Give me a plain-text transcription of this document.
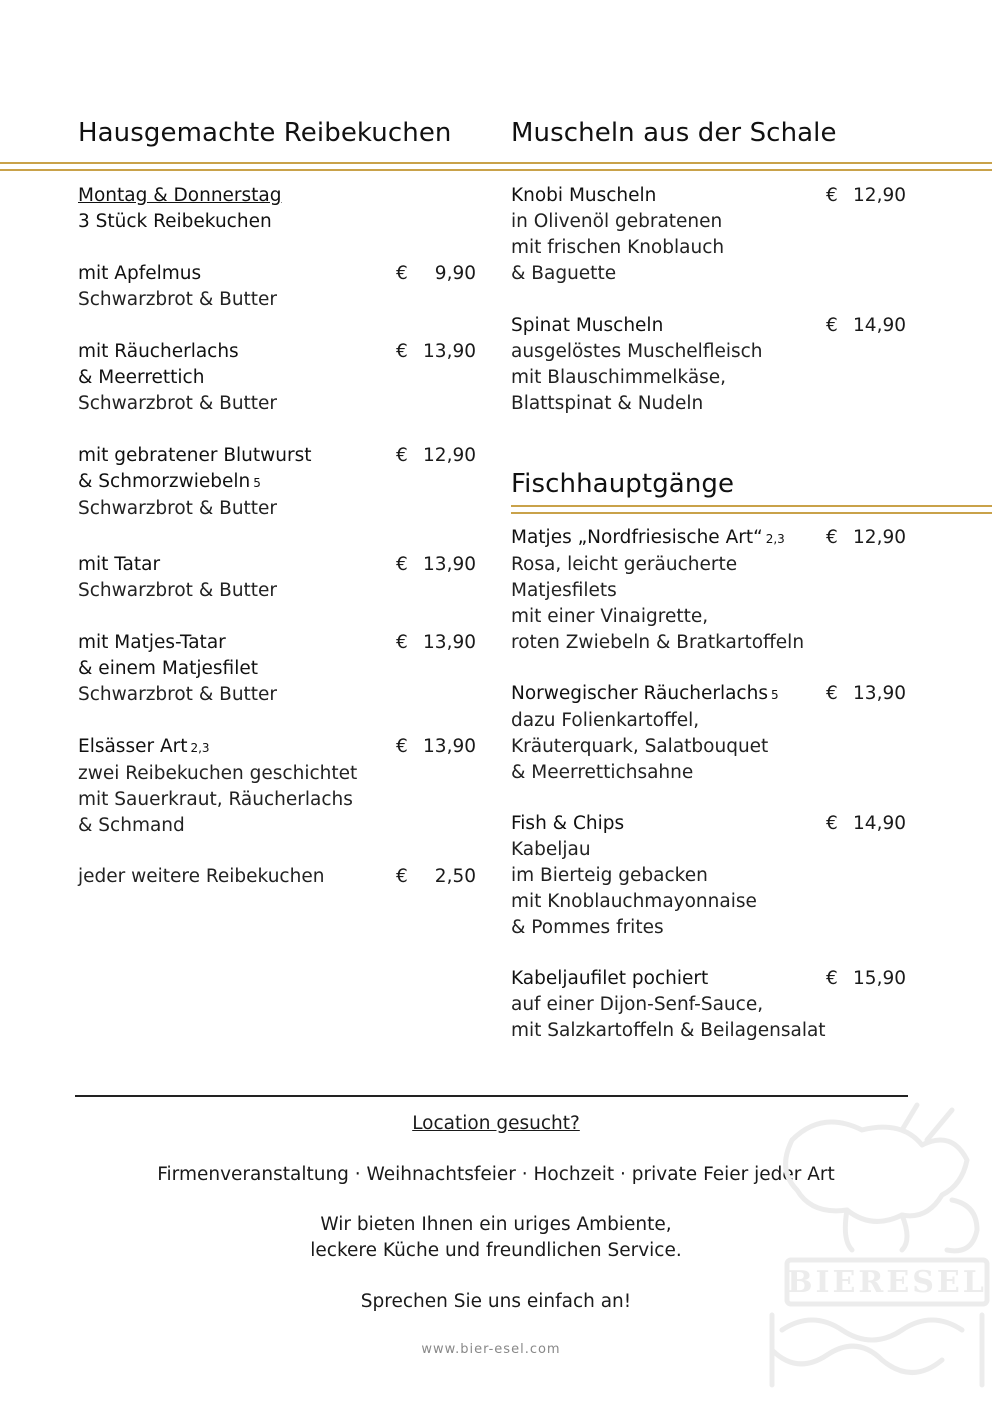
Hausgemachte Reibekuchen Muscheln aus der Schale
Fischhauptgänge
Montag & Donnerstag
3 Stück Reibekuchen
mit Apfelmus
Schwarzbrot & Butter
€ 9,90
mit Räucherlachs
& Meerrettich
Schwarzbrot & Butter
€ 13,90
mit gebratener Blutwurst
& Schmorzwiebeln 5
Schwarzbrot & Butter
€ 12,90
mit Tatar
Schwarzbrot & Butter
€ 13,90
mit Matjes-Tatar
& einem Matjesfilet
Schwarzbrot & Butter
€ 13,90
Elsässer Art 2,3
zwei Reibekuchen geschichtet
mit Sauerkraut, Räucherlachs
& Schmand
€ 13,90
jeder weitere Reibekuchen	€ 2,50
Knobi Muscheln
in Olivenöl gebratenen
mit frischen Knoblauch
& Baguette
€ 12,90
Spinat Muscheln
ausgelöstes Muschelfleisch
mit Blauschimmelkäse,
Blattspinat & Nudeln
€ 14,90
Matjes „Nordfriesische Art“ 2,3
Rosa, leicht geräucherte
Matjesfilets
mit einer Vinaigrette,
roten Zwiebeln & Bratkartoffeln
€ 12,90
Norwegischer Räucherlachs 5
dazu Folienkartoffel,
Kräuterquark, Salatbouquet
& Meerrettichsahne
€ 13,90
Fish & Chips
Kabeljau
im Bierteig gebacken
mit Knoblauchmayonnaise
& Pommes frites
€ 14,90
Kabeljaufilet pochiert
auf einer Dijon-Senf-Sauce,
mit Salzkartoffeln & Beilagensalat
€ 15,90
Location gesucht?
Firmenveranstaltung · Weihnachtsfeier · Hochzeit · private Feier jeder Art
Wir bieten Ihnen ein uriges Ambiente,
leckere Küche und freundlichen Service.
Sprechen Sie uns einfach an!
www.bier-esel.com
BIERESEL
